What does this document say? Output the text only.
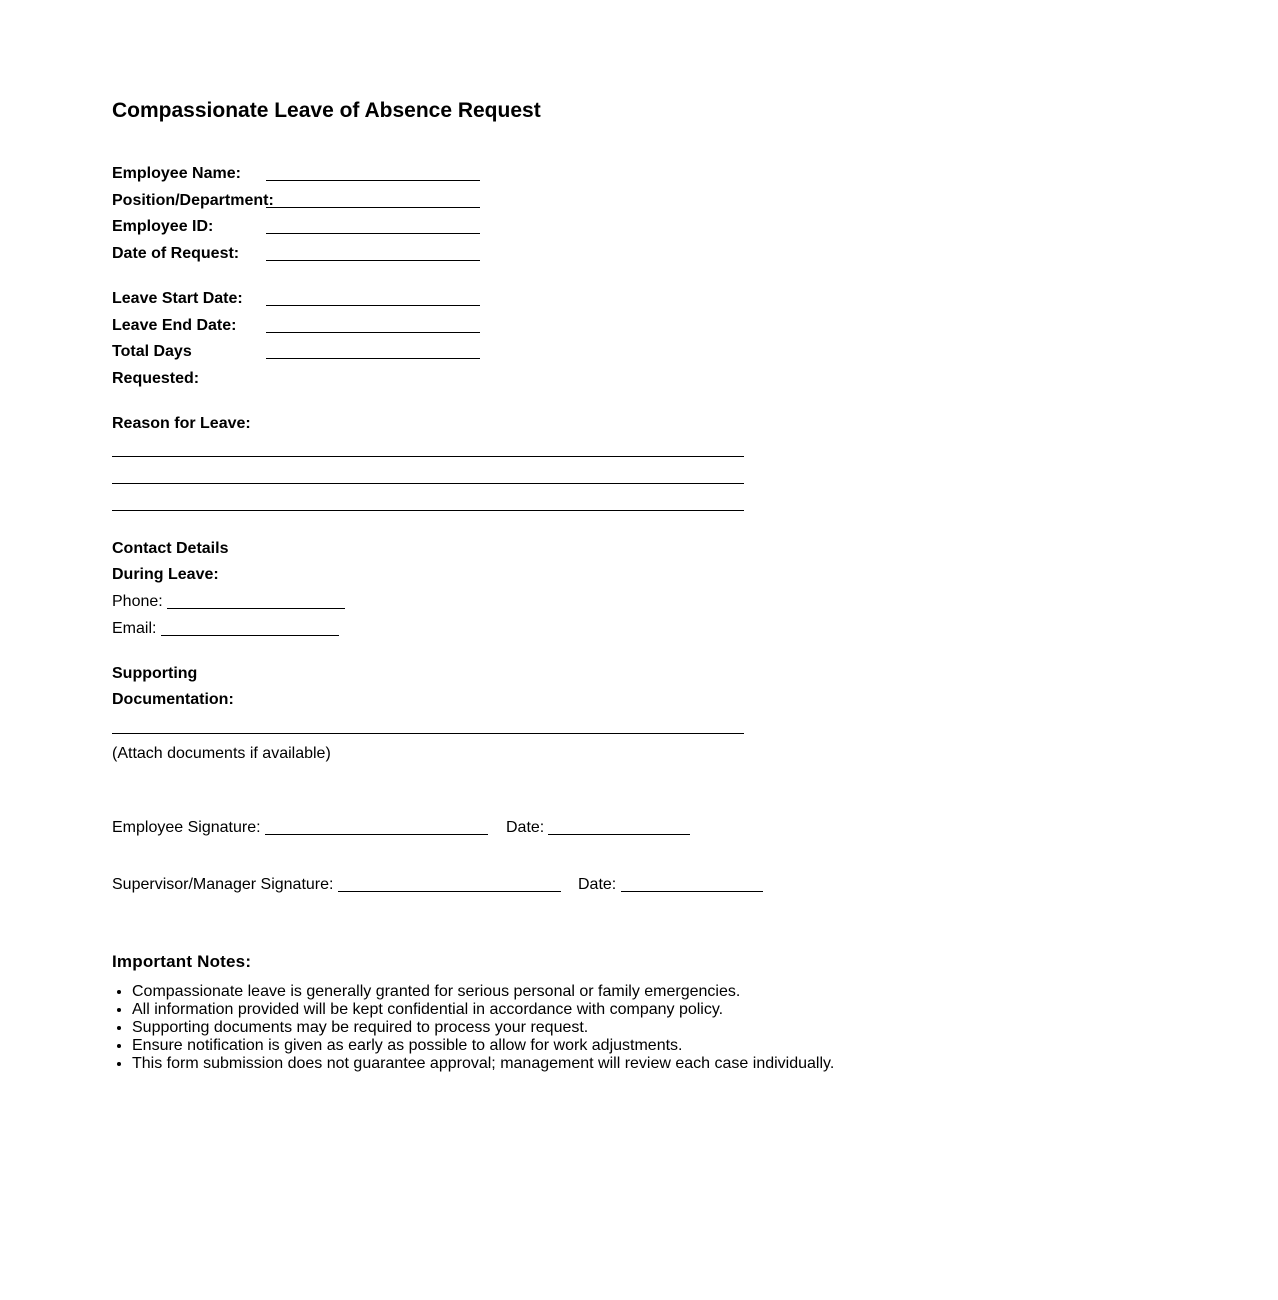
Compassionate Leave of Absence Request
Employee Name:
Position/Department:
Employee ID:
Date of Request:
Leave Start Date:
Leave End Date:
Total Days
Requested:
Reason for Leave:
Contact Details
During Leave:
Phone:
Email:
Supporting
Documentation:
(Attach documents if available)
Employee Signature:	Date:
Supervisor/Manager Signature:	Date:
Important Notes:
• Compassionate leave is generally granted for serious personal or family emergencies.
• All information provided will be kept confidential in accordance with company policy.
• Supporting documents may be required to process your request.
• Ensure notification is given as early as possible to allow for work adjustments.
• This form submission does not guarantee approval; management will review each case individually.
